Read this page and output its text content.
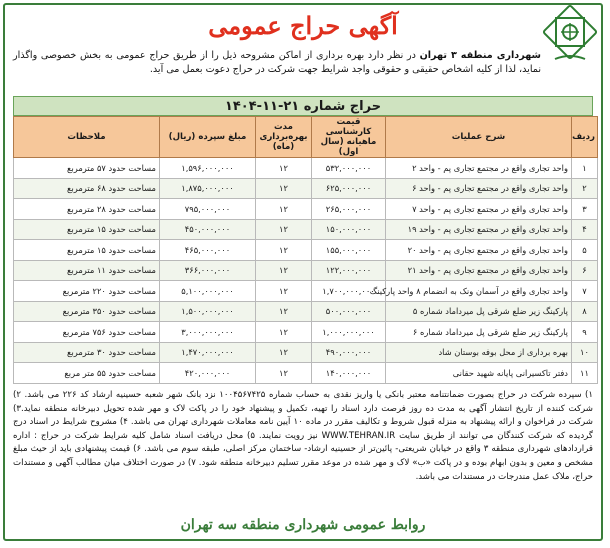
آگهی حراج عمومی
شهرداری منطقه ۳ تهران در نظر دارد بهره برداری از اماکن مشروحه ذیل را از طریق حراج عمومی به بخش خصوصی واگذار نماید، لذا از کلیه اشخاص حقیقی و حقوقی واجد شرایط جهت شرکت در حراج دعوت بعمل می آید.
حراج شماره ۲۱-۱۱-۱۴۰۴
ردیف	شرح عملیات	قیمت کارشناسی ماهیانه (سال اول)	مدت بهره‌برداری (ماه)	مبلغ سپرده (ریال)	ملاحظات
۱	واحد تجاری واقع در مجتمع تجاری پم - واحد ۲	۵۳۲,۰۰۰,۰۰۰	۱۲	۱,۵۹۶,۰۰۰,۰۰۰	مساحت حدود ۵۷ مترمربع
۲	واحد تجاری واقع در مجتمع تجاری پم - واحد ۶	۶۲۵,۰۰۰,۰۰۰	۱۲	۱,۸۷۵,۰۰۰,۰۰۰	مساحت حدود ۶۸ مترمربع
۳	واحد تجاری واقع در مجتمع تجاری پم - واحد ۷	۲۶۵,۰۰۰,۰۰۰	۱۲	۷۹۵,۰۰۰,۰۰۰	مساحت حدود ۲۸ مترمربع
۴	واحد تجاری واقع در مجتمع تجاری پم - واحد ۱۹	۱۵۰,۰۰۰,۰۰۰	۱۲	۴۵۰,۰۰۰,۰۰۰	مساحت حدود ۱۵ مترمربع
۵	واحد تجاری واقع در مجتمع تجاری پم - واحد ۲۰	۱۵۵,۰۰۰,۰۰۰	۱۲	۴۶۵,۰۰۰,۰۰۰	مساحت حدود ۱۵ مترمربع
۶	واحد تجاری واقع در مجتمع تجاری پم - واحد ۲۱	۱۲۲,۰۰۰,۰۰۰	۱۲	۳۶۶,۰۰۰,۰۰۰	مساحت حدود ۱۱ مترمربع
۷	واحد تجاری واقع در آسمان ونک به انضمام ۸ واحد پارکینگ	۱,۷۰۰,۰۰۰,۰۰۰	۱۲	۵,۱۰۰,۰۰۰,۰۰۰	مساحت حدود ۲۲۰ مترمربع
۸	پارکینگ زیر ضلع شرقی پل میرداماد شماره ۵	۵۰۰,۰۰۰,۰۰۰	۱۲	۱,۵۰۰,۰۰۰,۰۰۰	مساحت حدود ۳۵۰ مترمربع
۹	پارکینگ زیر ضلع شرقی پل میرداماد شماره ۶	۱,۰۰۰,۰۰۰,۰۰۰	۱۲	۳,۰۰۰,۰۰۰,۰۰۰	مساحت حدود ۷۵۶ مترمربع
۱۰	بهره برداری از محل بوفه بوستان شاد	۴۹۰,۰۰۰,۰۰۰	۱۲	۱,۴۷۰,۰۰۰,۰۰۰	مساحت حدود ۳۰ مترمربع
۱۱	دفتر تاکسیرانی پایانه شهید حقانی	۱۴۰,۰۰۰,۰۰۰	۱۲	۴۲۰,۰۰۰,۰۰۰	مساحت حدود ۵۵ متر مربع
۱) سپرده شرکت در حراج بصورت ضمانتنامه معتبر بانکی یا واریز نقدی به حساب شماره ۱۰۰۴۵۶۷۴۲۵ نزد بانک شهر شعبه حسینیه ارشاد کد ۲۲۶ می باشد. ۲) شرکت کننده از تاریخ انتشار آگهی به‌ مدت ده روز فرصت دارد اسناد را تهیه، تکمیل و پیشنهاد خود را در پاکت لاک و مهر شده تحویل دبیرخانه منطقه نماید.۳) شرکت در فراخوان و ارائه پیشنهاد به منزله قبول شروط و تکالیف مقرر در ماده ۱۰ آیین نامه معاملات شهرداری تهران می باشد. ۴) مشروح شرایط در اسناد درج گردیده که شرکت کنندگان می توانند از طریق سایت WWW.TEHRAN.IR نیز رویت نمایند. ۵) محل دریافت اسناد شامل کلیه شرایط شرکت در حراج : اداره قراردادهای شهرداری منطقه ۳ واقع در خیابان شریعتی- پائین‌تر از حسینیه ارشاد- ساختمان مرکز اصلی، طبقه سوم می باشد. ۶) قیمت پیشنهادی باید از حیث مبلغ مشخص و معین و بدون ابهام بوده و در پاکت «ب» لاک و مهر شده در موعد مقرر تسلیم دبیرخانه منطقه شود. ۷) در صورت اختلاف میان مطالب آگهی و مستندات حراج، ملاک عمل مندرجات در مستندات می باشد.
روابط عمومی شهرداری منطقه سه تهران
